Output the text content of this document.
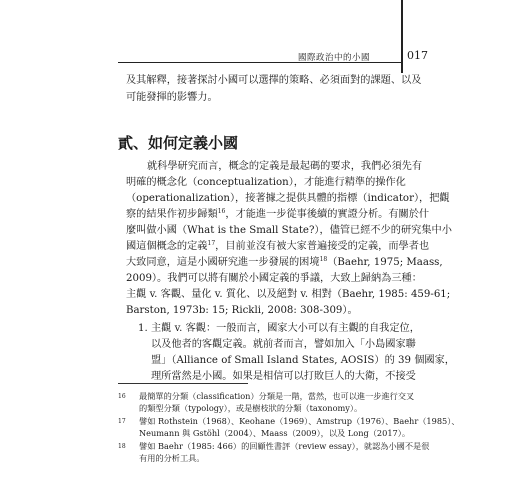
國際政治中的小國	017
及其解釋，接著探討小國可以選擇的策略、必須面對的課題、以及
可能發揮的影響力。
貳、如何定義小國
就科學研究而言，概念的定義是最起碼的要求，我們必須先有
明確的概念化（conceptualization），才能進行精準的操作化
（operationalization），接著據之提供具體的指標（indicator），把觀
察的結果作初步歸類$^{16}$，才能進一步從事後續的實證分析。有關於什
麼叫做小國（What is the Small State?），儘管已經不少的研究集中小
國這個概念的定義$^{17}$，目前並沒有被大家普遍接受的定義，而學者也
大致同意，這是小國研究進一步發展的困境$^{18}$（Baehr, 1975; Maass,
2009）。我們可以將有關於小國定義的爭議，大致上歸納為三種：
主觀 v. 客觀、量化 v. 質化、以及絕對 v. 相對（Baehr, 1985: 459-61;
Barston, 1973b: 15; Rickli, 2008: 308-309）。
1. 主觀 v. 客觀：一般而言，國家大小可以有主觀的自我定位，
以及他者的客觀定義。就前者而言，譬如加入「小島國家聯
盟」（Alliance of Small Island States, AOSIS）的 39 個國家，
理所當然是小國。如果是相信可以打敗巨人的大衛，不接受
$^{16}$ 最簡單的分類（classification）分類是一階，當然，也可以進一步進行交叉
的類型分類（typology），或是樹枝狀的分類（taxonomy）。
$^{17}$ 譬如 Rothstein（1968）、Keohane（1969）、Amstrup（1976）、Baehr（1985）、
Neumann 與 Gstöhl（2004）、Maass（2009），以及 Long（2017）。
$^{18}$ 譬如 Baehr（1985: 466）的回顧性書評（review essay），就認為小國不是很
有用的分析工具。
